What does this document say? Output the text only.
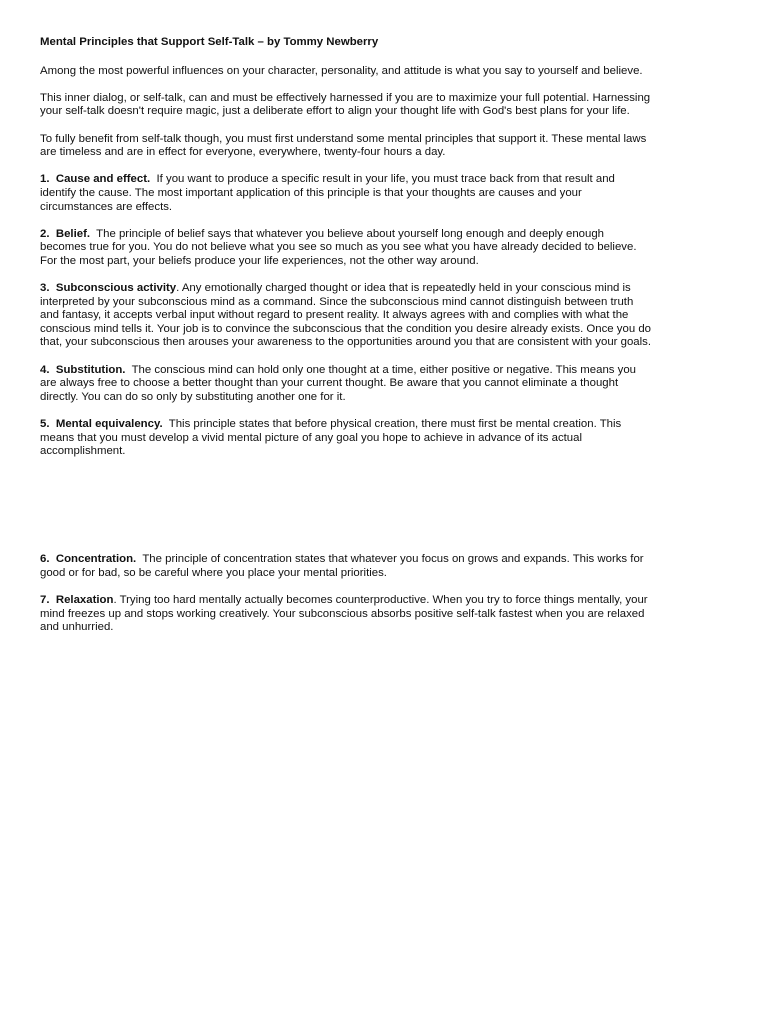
Mental Principles that Support Self-Talk – by Tommy Newberry

Among the most powerful influences on your character, personality, and attitude is what you say to yourself and believe.

This inner dialog, or self-talk, can and must be effectively harnessed if you are to maximize your full potential. Harnessing your self-talk doesn't require magic, just a deliberate effort to align your thought life with God's best plans for your life.

To fully benefit from self-talk though, you must first understand some mental principles that support it. These mental laws are timeless and are in effect for everyone, everywhere, twenty-four hours a day.

1. Cause and effect. If you want to produce a specific result in your life, you must trace back from that result and identify the cause. The most important application of this principle is that your thoughts are causes and your circumstances are effects.

2. Belief. The principle of belief says that whatever you believe about yourself long enough and deeply enough becomes true for you. You do not believe what you see so much as you see what you have already decided to believe. For the most part, your beliefs produce your life experiences, not the other way around.

3. Subconscious activity. Any emotionally charged thought or idea that is repeatedly held in your conscious mind is interpreted by your subconscious mind as a command. Since the subconscious mind cannot distinguish between truth and fantasy, it accepts verbal input without regard to present reality. It always agrees with and complies with what the conscious mind tells it. Your job is to convince the subconscious that the condition you desire already exists. Once you do that, your subconscious then arouses your awareness to the opportunities around you that are consistent with your goals.

4. Substitution. The conscious mind can hold only one thought at a time, either positive or negative. This means you are always free to choose a better thought than your current thought. Be aware that you cannot eliminate a thought directly. You can do so only by substituting another one for it.

5. Mental equivalency. This principle states that before physical creation, there must first be mental creation. This means that you must develop a vivid mental picture of any goal you hope to achieve in advance of its actual accomplishment.

6. Concentration. The principle of concentration states that whatever you focus on grows and expands. This works for good or for bad, so be careful where you place your mental priorities.

7. Relaxation. Trying too hard mentally actually becomes counterproductive. When you try to force things mentally, your mind freezes up and stops working creatively. Your subconscious absorbs positive self-talk fastest when you are relaxed and unhurried.
